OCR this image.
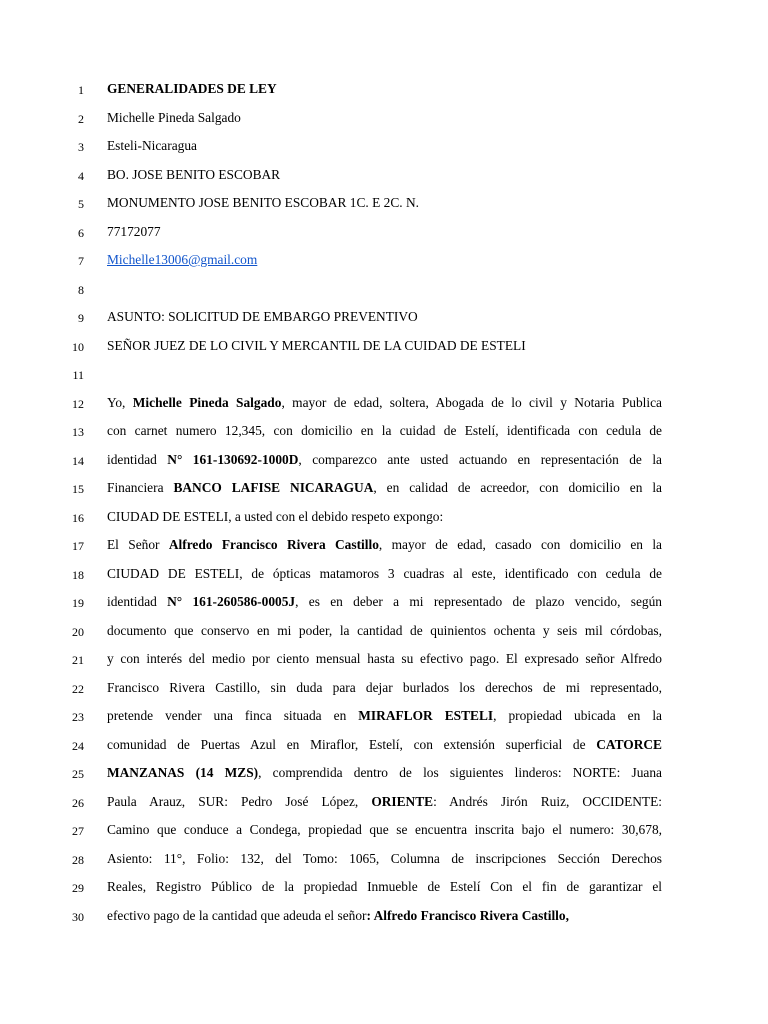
1 GENERALIDADES DE LEY
2 Michelle Pineda Salgado
3 Esteli-Nicaragua
4 BO. JOSE BENITO ESCOBAR
5 MONUMENTO JOSE BENITO ESCOBAR 1C. E 2C. N.
6 77172077
7 Michelle13006@gmail.com
8
9 ASUNTO: SOLICITUD DE EMBARGO PREVENTIVO
10 SEÑOR JUEZ DE LO CIVIL Y MERCANTIL DE LA CUIDAD DE ESTELI
11
12 Yo, Michelle Pineda Salgado, mayor de edad, soltera, Abogada de lo civil y Notaria Publica
13 con carnet numero 12,345, con domicilio en la cuidad de Estelí, identificada con cedula de
14 identidad N° 161-130692-1000D, comparezco ante usted actuando en representación de la
15 Financiera BANCO LAFISE NICARAGUA, en calidad de acreedor, con domicilio en la
16 CIUDAD DE ESTELI, a usted con el debido respeto expongo:
17 El Señor Alfredo Francisco Rivera Castillo, mayor de edad, casado con domicilio en la
18 CIUDAD DE ESTELI, de ópticas matamoros 3 cuadras al este, identificado con cedula de
19 identidad N° 161-260586-0005J, es en deber a mi representado de plazo vencido, según
20 documento que conservo en mi poder, la cantidad de quinientos ochenta y seis mil córdobas,
21 y con interés del medio por ciento mensual hasta su efectivo pago. El expresado señor Alfredo
22 Francisco Rivera Castillo, sin duda para dejar burlados los derechos de mi representado,
23 pretende vender una finca situada en MIRAFLOR ESTELI, propiedad ubicada en la
24 comunidad de Puertas Azul en Miraflor, Estelí, con extensión superficial de CATORCE
25 MANZANAS (14 MZS), comprendida dentro de los siguientes linderos: NORTE: Juana
26 Paula Arauz, SUR: Pedro José López, ORIENTE: Andrés Jirón Ruiz, OCCIDENTE:
27 Camino que conduce a Condega, propiedad que se encuentra inscrita bajo el numero: 30,678,
28 Asiento: 11°, Folio: 132, del Tomo: 1065, Columna de inscripciones Sección Derechos
29 Reales, Registro Público de la propiedad Inmueble de Estelí Con el fin de garantizar el
30 efectivo pago de la cantidad que adeuda el señor: Alfredo Francisco Rivera Castillo,
